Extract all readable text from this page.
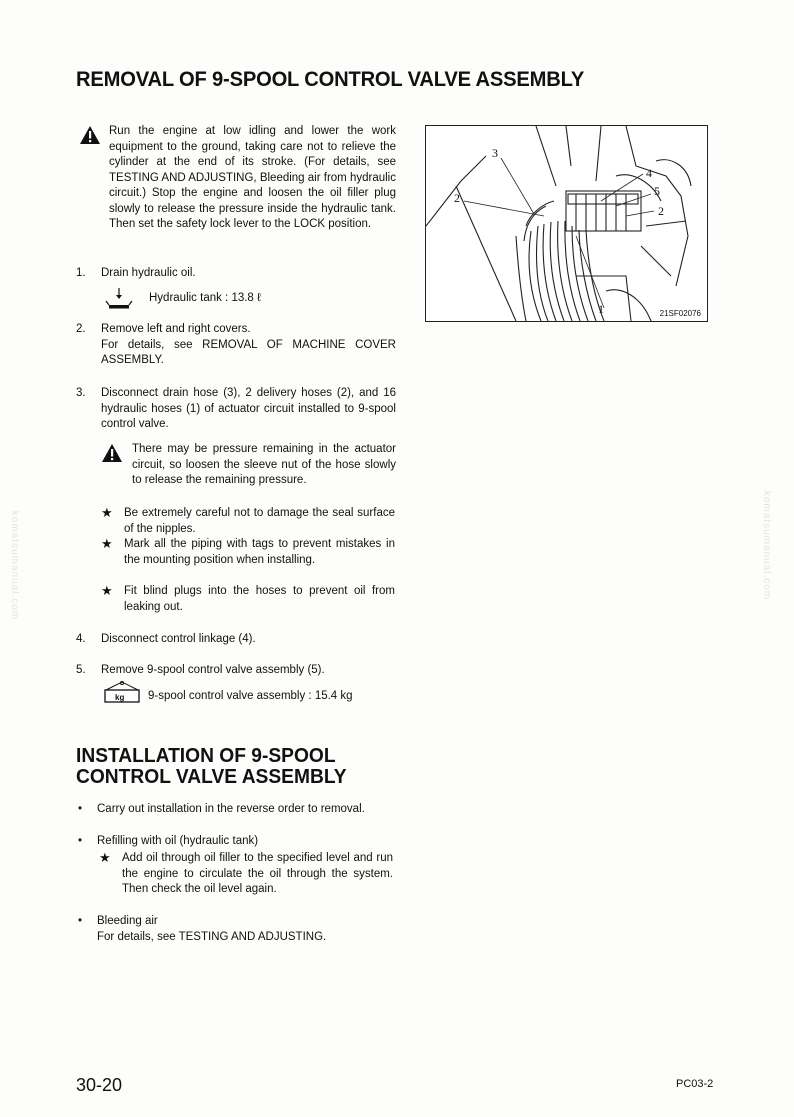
komatsumanual.com	komatsumanual.com
REMOVAL OF 9-SPOOL CONTROL VALVE ASSEMBLY
Run the engine at low idling and lower the work equipment to the ground, taking care not to relieve the cylinder at the end of its stroke. (For details, see TESTING AND ADJUSTING, Bleeding air from hydraulic circuit.) Stop the engine and loosen the oil filler plug slowly to release the pressure inside the hydraulic tank. Then set the safety lock lever to the LOCK position.
1.	Drain hydraulic oil.
Hydraulic tank : 13.8 ℓ
2.	Remove left and right covers.
For details, see REMOVAL OF MACHINE COVER ASSEMBLY.
3.	Disconnect drain hose (3), 2 delivery hoses (2), and 16 hydraulic hoses (1) of actuator circuit installed to 9-spool control valve.
There may be pressure remaining in the actuator circuit, so loosen the sleeve nut of the hose slowly to release the remaining pressure.
★ Be extremely careful not to damage the seal surface of the nipples.
★ Mark all the piping with tags to prevent mistakes in the mounting position when installing.
★ Fit blind plugs into the hoses to prevent oil from leaking out.
4.	Disconnect control linkage (4).
5.	Remove 9-spool control valve assembly (5).
kg 9-spool control valve assembly : 15.4 kg
3
2
4
5
2
1	21SF02076
INSTALLATION OF 9-SPOOL
CONTROL VALVE ASSEMBLY
• Carry out installation in the reverse order to removal.
• Refilling with oil (hydraulic tank)
★ Add oil through oil filler to the specified level and run the engine to circulate the oil through the system. Then check the oil level again.
• Bleeding air
For details, see TESTING AND ADJUSTING.
30-20	PC03-2
